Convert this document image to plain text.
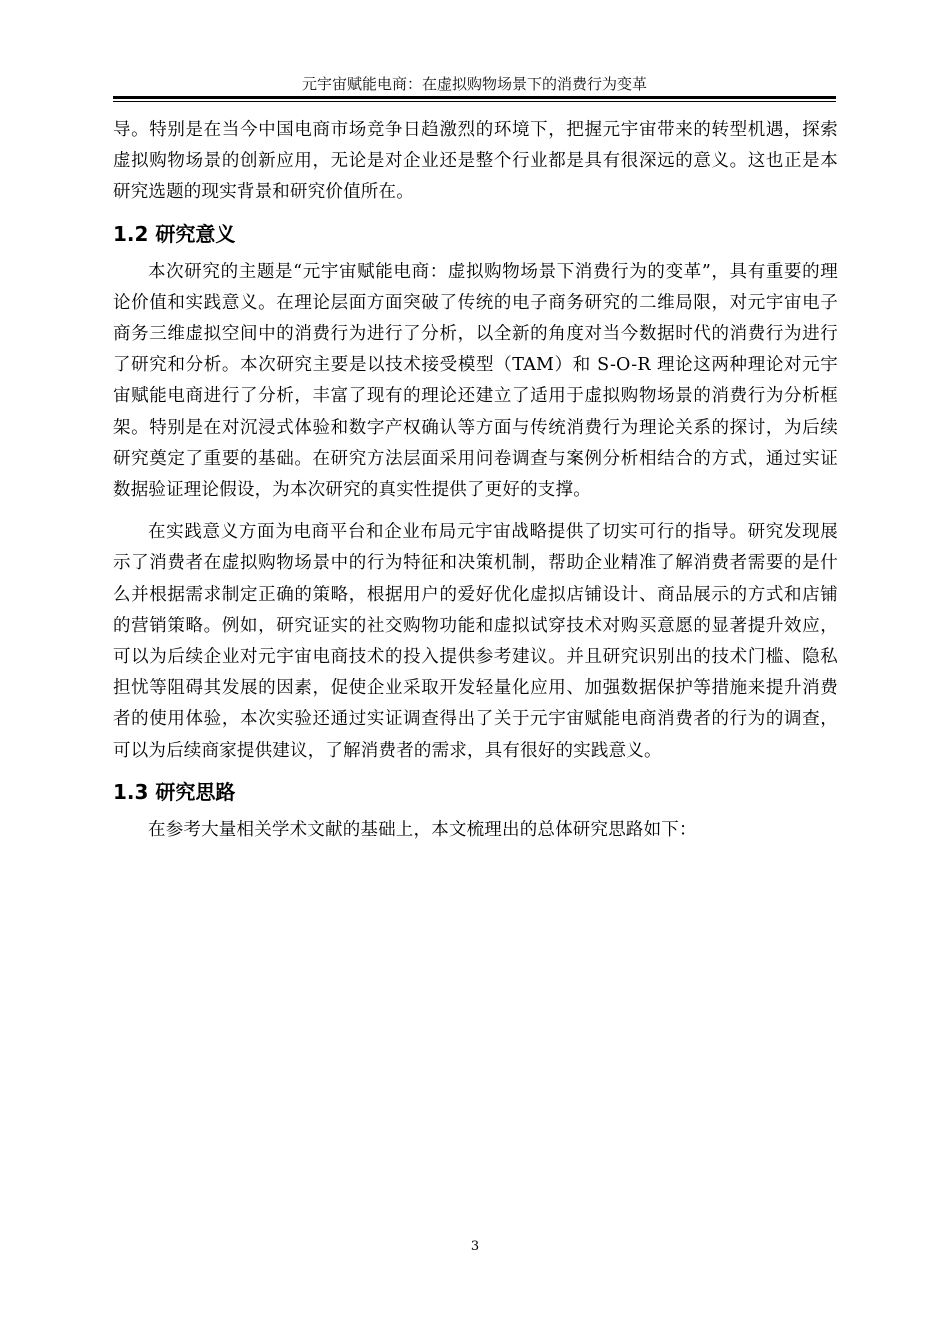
元宇宙赋能电商：在虚拟购物场景下的消费行为变革

导。特别是在当今中国电商市场竞争日趋激烈的环境下，把握元宇宙带来的转型机遇，探索虚拟购物场景的创新应用，无论是对企业还是整个行业都是具有很深远的意义。这也正是本研究选题的现实背景和研究价值所在。

1.2 研究意义

本次研究的主题是“元宇宙赋能电商：虚拟购物场景下消费行为的变革”，具有重要的理论价值和实践意义。在理论层面方面突破了传统的电子商务研究的二维局限，对元宇宙电子商务三维虚拟空间中的消费行为进行了分析，以全新的角度对当今数据时代的消费行为进行了研究和分析。本次研究主要是以技术接受模型（TAM）和 S-O-R 理论这两种理论对元宇宙赋能电商进行了分析，丰富了现有的理论还建立了适用于虚拟购物场景的消费行为分析框架。特别是在对沉浸式体验和数字产权确认等方面与传统消费行为理论关系的探讨，为后续研究奠定了重要的基础。在研究方法层面采用问卷调查与案例分析相结合的方式，通过实证数据验证理论假设，为本次研究的真实性提供了更好的支撑。

在实践意义方面为电商平台和企业布局元宇宙战略提供了切实可行的指导。研究发现展示了消费者在虚拟购物场景中的行为特征和决策机制，帮助企业精准了解消费者需要的是什么并根据需求制定正确的策略，根据用户的爱好优化虚拟店铺设计、商品展示的方式和店铺的营销策略。例如，研究证实的社交购物功能和虚拟试穿技术对购买意愿的显著提升效应，可以为后续企业对元宇宙电商技术的投入提供参考建议。并且研究识别出的技术门槛、隐私担忧等阻碍其发展的因素，促使企业采取开发轻量化应用、加强数据保护等措施来提升消费者的使用体验，本次实验还通过实证调查得出了关于元宇宙赋能电商消费者的行为的调查，可以为后续商家提供建议，了解消费者的需求，具有很好的实践意义。

1.3 研究思路

在参考大量相关学术文献的基础上，本文梳理出的总体研究思路如下：

3
